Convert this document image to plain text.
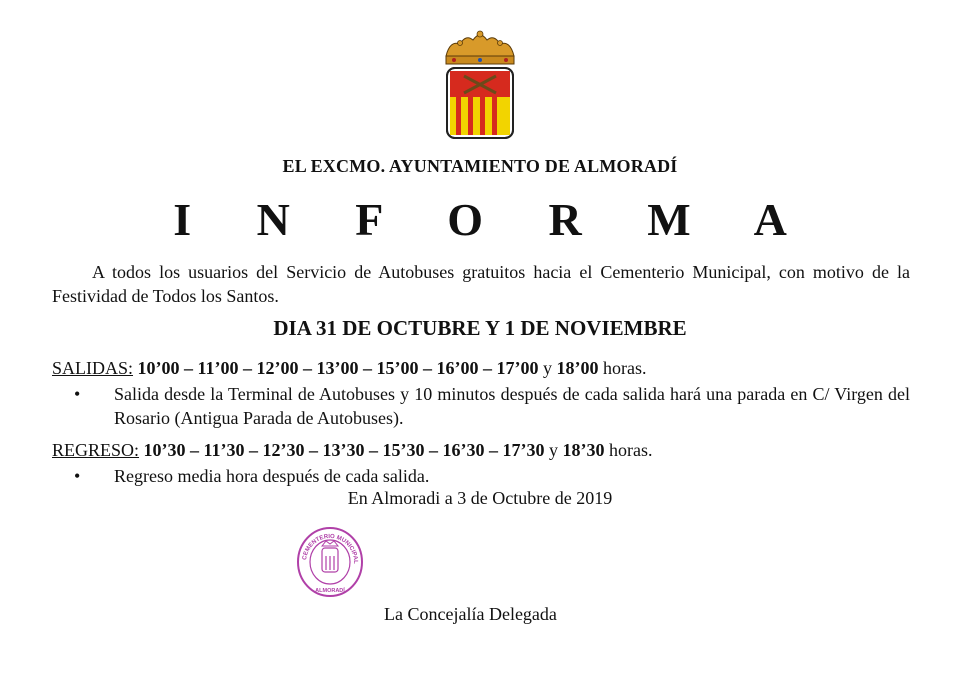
EL EXCMO. AYUNTAMIENTO DE ALMORADÍ
I N F O R M A
A todos los usuarios del Servicio de Autobuses gratuitos hacia el Cementerio Municipal, con motivo de la Festividad de Todos los Santos.
DIA 31 DE OCTUBRE Y 1 DE NOVIEMBRE
SALIDAS: 10’00 – 11’00 – 12’00 – 13’00 – 15’00 – 16’00 – 17’00 y 18’00 horas.
• Salida desde la Terminal de Autobuses y 10 minutos después de cada salida hará una parada en C/ Virgen del Rosario (Antigua Parada de Autobuses).
REGRESO: 10’30 – 11’30 – 12’30 – 13’30 – 15’30 – 16’30 – 17’30 y 18’30 horas.
• Regreso media hora después de cada salida.
En Almoradi a 3 de Octubre de 2019
CEMENTERIO MUNICIPAL
ALMORADÍ
La Concejalía Delegada
